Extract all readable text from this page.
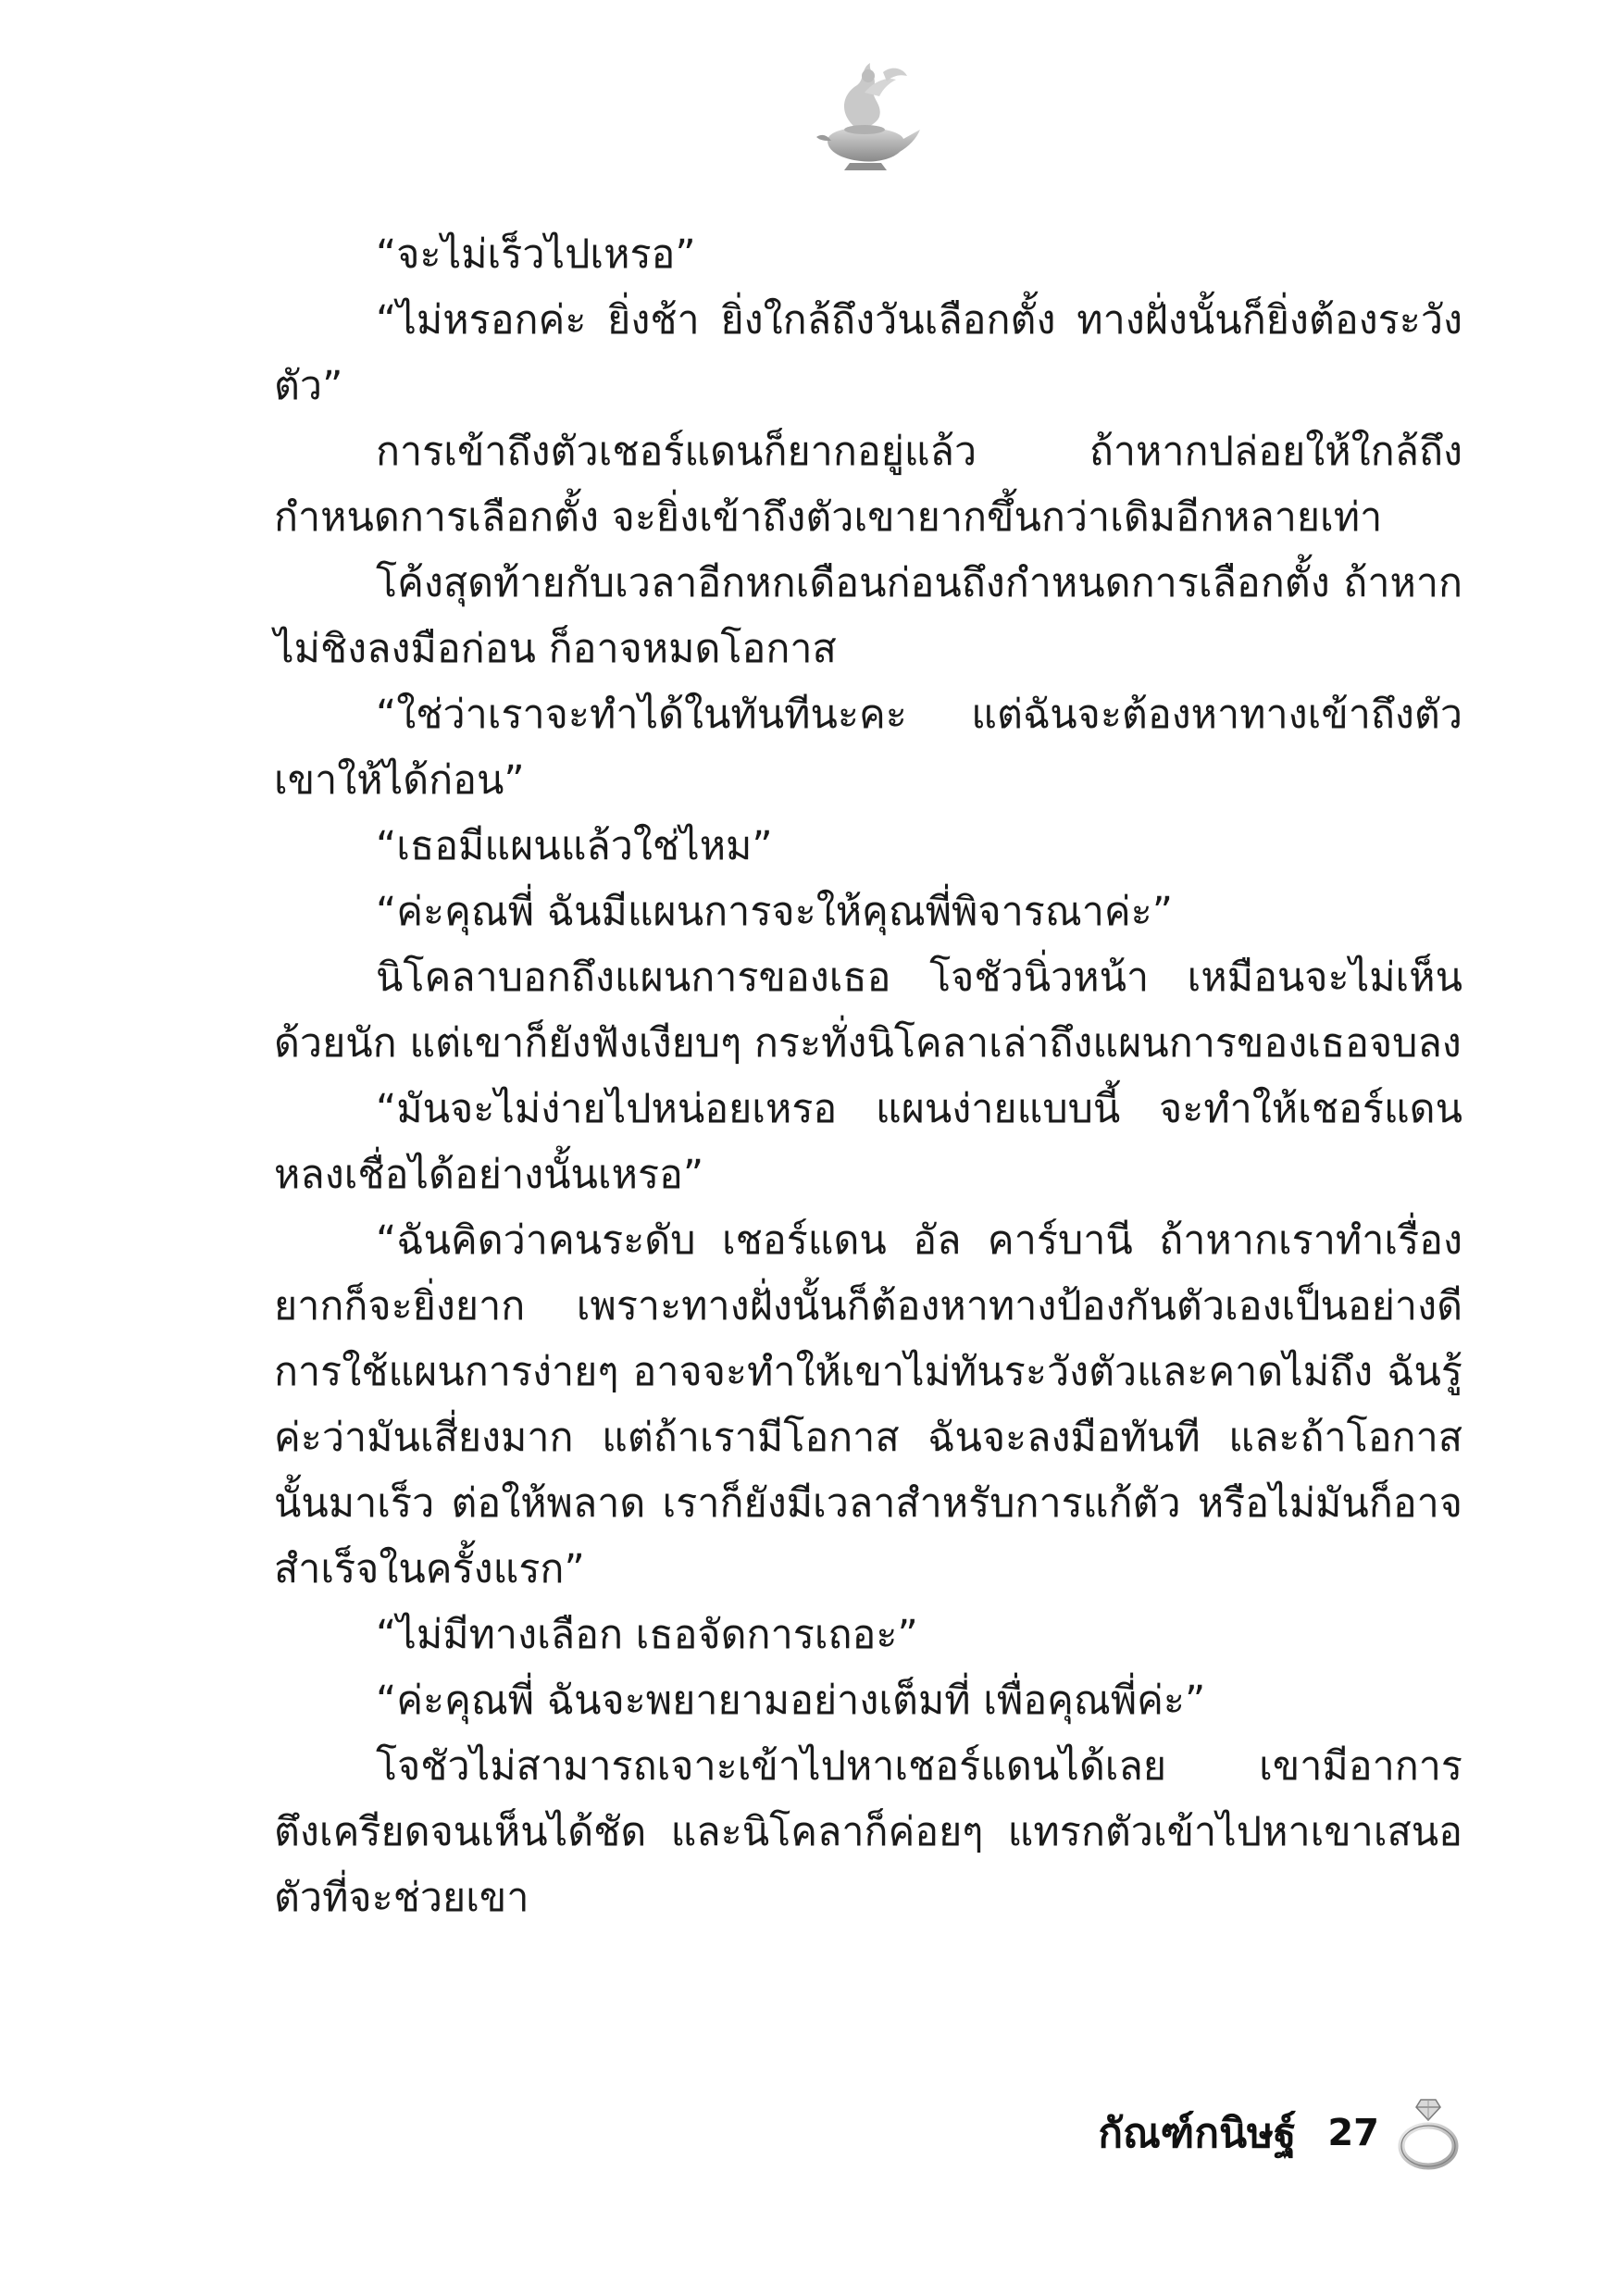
“จะไม่เร็วไปเหรอ”

“ไม่หรอกค่ะ ยิ่งช้า ยิ่งใกล้ถึงวันเลือกตั้ง ทางฝั่งนั้นก็ยิ่งต้องระวังตัว”

การเข้าถึงตัวเชอร์แดนก็ยากอยู่แล้ว ถ้าหากปล่อยให้ใกล้ถึงกำหนดการเลือกตั้ง จะยิ่งเข้าถึงตัวเขายากขึ้นกว่าเดิมอีกหลายเท่า

โค้งสุดท้ายกับเวลาอีกหกเดือนก่อนถึงกำหนดการเลือกตั้ง ถ้าหากไม่ชิงลงมือก่อน ก็อาจหมดโอกาส

“ใช่ว่าเราจะทำได้ในทันทีนะคะ แต่ฉันจะต้องหาทางเข้าถึงตัวเขาให้ได้ก่อน”

“เธอมีแผนแล้วใช่ไหม”

“ค่ะคุณพี่ ฉันมีแผนการจะให้คุณพี่พิจารณาค่ะ”

นิโคลาบอกถึงแผนการของเธอ โจชัวนิ่วหน้า เหมือนจะไม่เห็นด้วยนัก แต่เขาก็ยังฟังเงียบๆ กระทั่งนิโคลาเล่าถึงแผนการของเธอจบลง

“มันจะไม่ง่ายไปหน่อยเหรอ แผนง่ายแบบนี้ จะทำให้เชอร์แดนหลงเชื่อได้อย่างนั้นเหรอ”

“ฉันคิดว่าคนระดับ เชอร์แดน อัล คาร์บานี ถ้าหากเราทำเรื่องยากก็จะยิ่งยาก เพราะทางฝั่งนั้นก็ต้องหาทางป้องกันตัวเองเป็นอย่างดี การใช้แผนการง่ายๆ อาจจะทำให้เขาไม่ทันระวังตัวและคาดไม่ถึง ฉันรู้ค่ะว่ามันเสี่ยงมาก แต่ถ้าเรามีโอกาส ฉันจะลงมือทันที และถ้าโอกาสนั้นมาเร็ว ต่อให้พลาด เราก็ยังมีเวลาสำหรับการแก้ตัว หรือไม่มันก็อาจสำเร็จในครั้งแรก”

“ไม่มีทางเลือก เธอจัดการเถอะ”

“ค่ะคุณพี่ ฉันจะพยายามอย่างเต็มที่ เพื่อคุณพี่ค่ะ”

โจชัวไม่สามารถเจาะเข้าไปหาเชอร์แดนได้เลย เขามีอาการตึงเครียดจนเห็นได้ชัด และนิโคลาก็ค่อยๆ แทรกตัวเข้าไปหาเขาเสนอตัวที่จะช่วยเขา

กัณฑ์กนิษฐ์ 27
